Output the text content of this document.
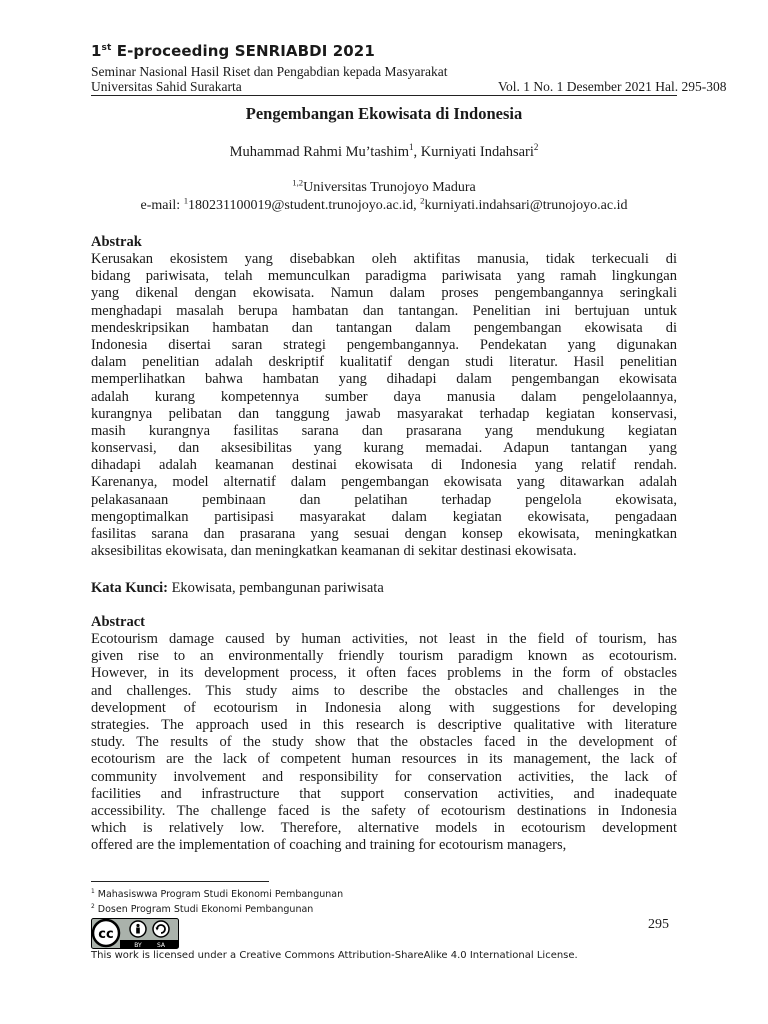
1st E-proceeding SENRIABDI 2021
Seminar Nasional Hasil Riset dan Pengabdian kepada Masyarakat
Universitas Sahid Surakarta	Vol. 1 No. 1 Desember 2021 Hal. 295-308
Pengembangan Ekowisata di Indonesia
Muhammad Rahmi Mu’tashim$^1$, Kurniyati Indahsari$^2$
$^{1,2}$Universitas Trunojoyo Madura
e-mail: $^1$180231100019@student.trunojoyo.ac.id, $^2$kurniyati.indahsari@trunojoyo.ac.id
Abstrak
Kerusakan ekosistem yang disebabkan oleh aktifitas manusia, tidak terkecuali di
bidang pariwisata, telah memunculkan paradigma pariwisata yang ramah lingkungan
yang dikenal dengan ekowisata. Namun dalam proses pengembangannya seringkali
menghadapi masalah berupa hambatan dan tantangan. Penelitian ini bertujuan untuk
mendeskripsikan hambatan dan tantangan dalam pengembangan ekowisata di
Indonesia disertai saran strategi pengembangannya. Pendekatan yang digunakan
dalam penelitian adalah deskriptif kualitatif dengan studi literatur. Hasil penelitian
memperlihatkan bahwa hambatan yang dihadapi dalam pengembangan ekowisata
adalah kurang kompetennya sumber daya manusia dalam pengelolaannya,
kurangnya pelibatan dan tanggung jawab masyarakat terhadap kegiatan konservasi,
masih kurangnya fasilitas sarana dan prasarana yang mendukung kegiatan
konservasi, dan aksesibilitas yang kurang memadai. Adapun tantangan yang
dihadapi adalah keamanan destinai ekowisata di Indonesia yang relatif rendah.
Karenanya, model alternatif dalam pengembangan ekowisata yang ditawarkan adalah
pelakasanaan pembinaan dan pelatihan terhadap pengelola ekowisata,
mengoptimalkan partisipasi masyarakat dalam kegiatan ekowisata, pengadaan
fasilitas sarana dan prasarana yang sesuai dengan konsep ekowisata, meningkatkan
aksesibilitas ekowisata, dan meningkatkan keamanan di sekitar destinasi ekowisata.
Kata Kunci: Ekowisata, pembangunan pariwisata
Abstract
Ecotourism damage caused by human activities, not least in the field of tourism, has
given rise to an environmentally friendly tourism paradigm known as ecotourism.
However, in its development process, it often faces problems in the form of obstacles
and challenges. This study aims to describe the obstacles and challenges in the
development of ecotourism in Indonesia along with suggestions for developing
strategies. The approach used in this research is descriptive qualitative with literature
study. The results of the study show that the obstacles faced in the development of
ecotourism are the lack of competent human resources in its management, the lack of
community involvement and responsibility for conservation activities, the lack of
facilities and infrastructure that support conservation activities, and inadequate
accessibility. The challenge faced is the safety of ecotourism destinations in Indonesia
which is relatively low. Therefore, alternative models in ecotourism development
offered are the implementation of coaching and training for ecotourism managers,
$^1$ Mahasiswwa Program Studi Ekonomi Pembangunan
$^2$ Dosen Program Studi Ekonomi Pembangunan
cc
BY	SA
295
This work is licensed under a Creative Commons Attribution-ShareAlike 4.0 International License.
